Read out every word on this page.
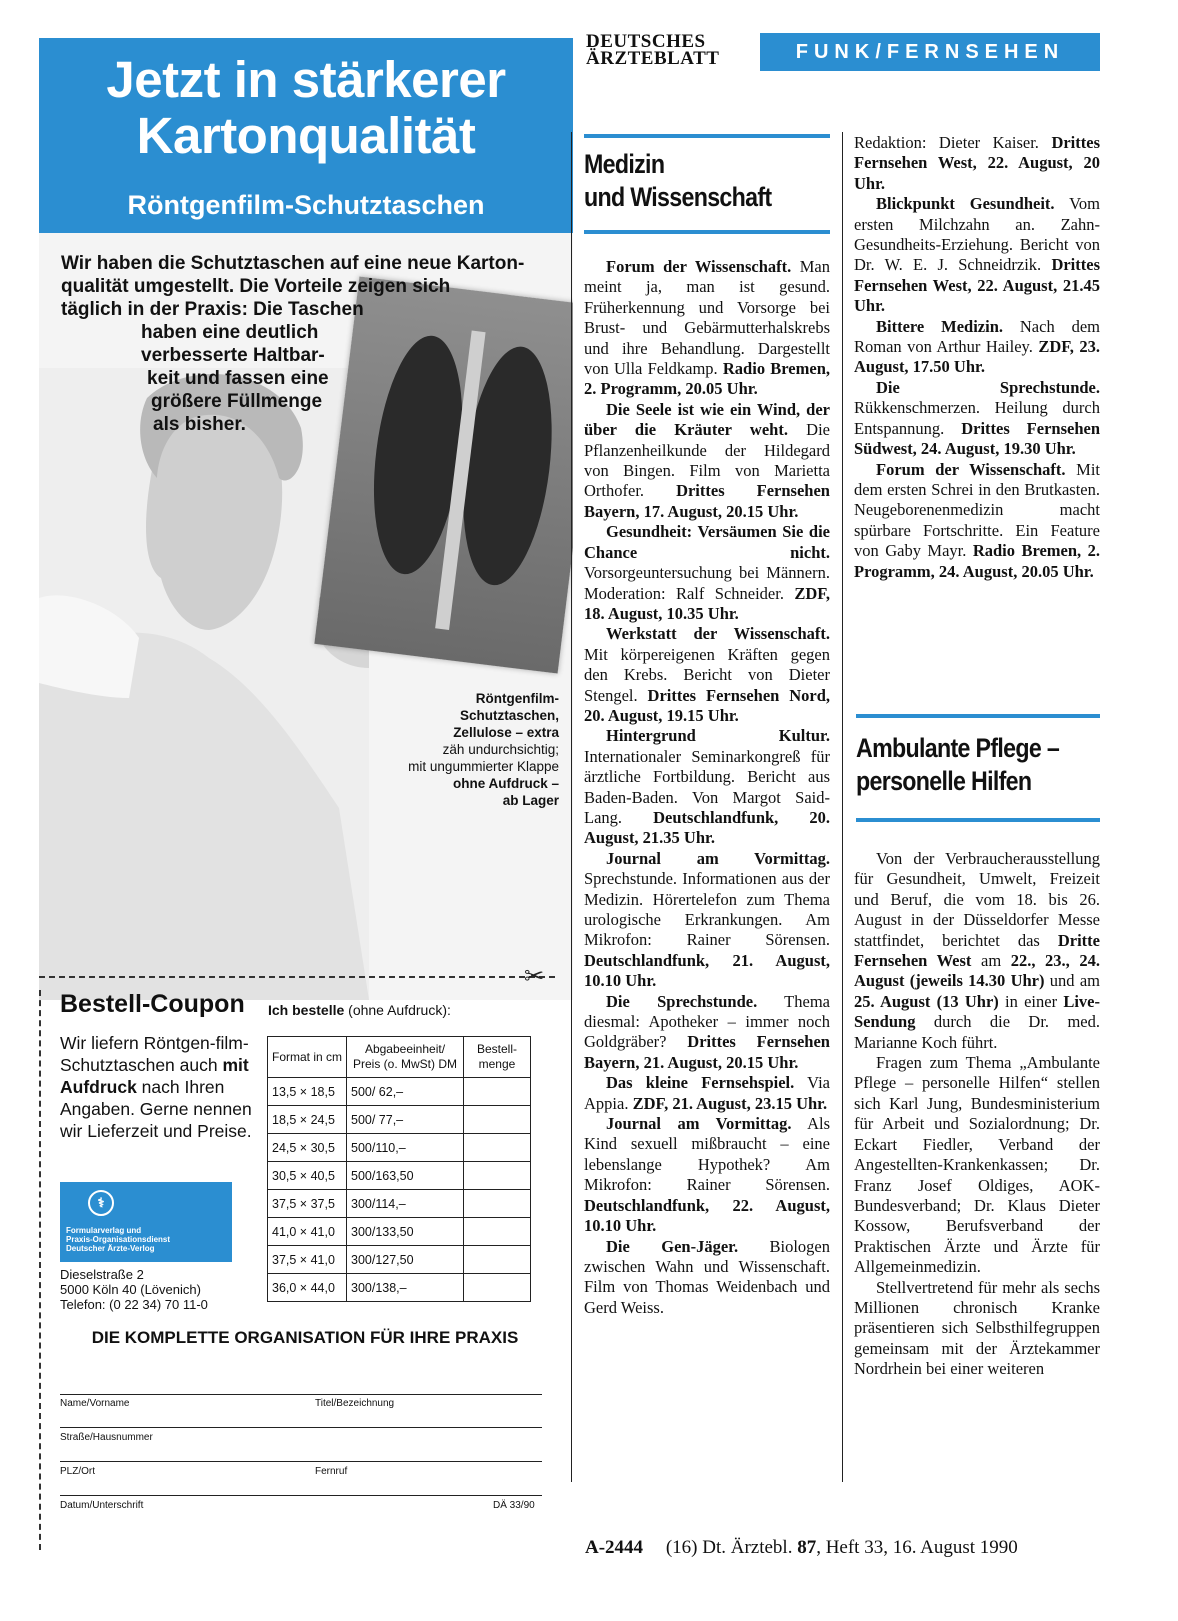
Jetzt in stärkerer
Kartonqualität
Röntgenfilm-Schutztaschen
Wir haben die Schutztaschen auf eine neue Karton-
qualität umgestellt. Die Vorteile zeigen sich
täglich in der Praxis: Die Taschen
haben eine deutlich
verbesserte Haltbar-
keit und fassen eine
größere Füllmenge
als bisher.
Röntgenfilm-
Schutztaschen,
Zellulose – extra
zäh undurchsichtig;
mit ungummierter Klappe
ohne Aufdruck –
ab Lager
✂
Bestell-Coupon Ich bestelle (ohne Aufdruck):
Wir liefern Röntgen-film-Schutztaschen auch mit Aufdruck nach Ihren Angaben. Gerne nennen wir Lieferzeit und Preise.
Format in cm	Abgabeeinheit/ Preis (o. MwSt) DM	Bestell-menge
13,5 × 18,5	500/ 62,–	
18,5 × 24,5	500/ 77,–	
24,5 × 30,5	500/110,–	
30,5 × 40,5	500/163,50	
37,5 × 37,5	300/114,–	
41,0 × 41,0	300/133,50	
37,5 × 41,0	300/127,50	
36,0 × 44,0	300/138,–	
⚕
Formularverlag und
Praxis-Organisationsdienst
Deutscher Ärzte-Verlog
Dieselstraße 2
5000 Köln 40 (Lövenich)
Telefon: (0 22 34) 70 11-0
DIE KOMPLETTE ORGANISATION FÜR IHRE PRAXIS
Name/Vorname	Titel/Bezeichnung
Straße/Hausnummer
PLZ/Ort	Fernruf
Datum/Unterschrift	DÄ 33/90
DEUTSCHES
ÄRZTEBLATT	FUNK/FERNSEHEN
Medizin
und Wissenschaft

Forum der Wissenschaft. Man meint ja, man ist gesund. Früherkennung und Vorsorge bei Brust- und Gebärmutterhalskrebs und ihre Behandlung. Dargestellt von Ulla Feldkamp. Radio Bremen, 2. Programm, 20.05 Uhr.

Die Seele ist wie ein Wind, der über die Kräuter weht. Die Pflanzenheilkunde der Hildegard von Bingen. Film von Marietta Orthofer. Drittes Fernsehen Bayern, 17. August, 20.15 Uhr.

Gesundheit: Versäumen Sie die Chance nicht. Vorsorgeuntersuchung bei Männern. Moderation: Ralf Schneider. ZDF, 18. August, 10.35 Uhr.

Werkstatt der Wissenschaft. Mit körpereigenen Kräften gegen den Krebs. Bericht von Dieter Stengel. Drittes Fernsehen Nord, 20. August, 19.15 Uhr.

Hintergrund Kultur. Internationaler Seminarkongreß für ärztliche Fortbildung. Bericht aus Baden-Baden. Von Margot Said-Lang. Deutschlandfunk, 20. August, 21.35 Uhr.

Journal am Vormittag. Sprechstunde. Informationen aus der Medizin. Hörertelefon zum Thema urologische Erkrankungen. Am Mikrofon: Rainer Sörensen. Deutschlandfunk, 21. August, 10.10 Uhr.

Die Sprechstunde. Thema diesmal: Apotheker – immer noch Goldgräber? Drittes Fernsehen Bayern, 21. August, 20.15 Uhr.

Das kleine Fernsehspiel. Via Appia. ZDF, 21. August, 23.15 Uhr.

Journal am Vormittag. Als Kind sexuell mißbraucht – eine lebenslange Hypothek? Am Mikrofon: Rainer Sörensen. Deutschlandfunk, 22. August, 10.10 Uhr.

Die Gen-Jäger. Biologen zwischen Wahn und Wissenschaft. Film von Thomas Weidenbach und Gerd Weiss.

Redaktion: Dieter Kaiser. Drittes Fernsehen West, 22. August, 20 Uhr.

Blickpunkt Gesundheit. Vom ersten Milchzahn an. Zahn-Gesundheits-Erziehung. Bericht von Dr. W. E. J. Schneidrzik. Drittes Fernsehen West, 22. August, 21.45 Uhr.

Bittere Medizin. Nach dem Roman von Arthur Hailey. ZDF, 23. August, 17.50 Uhr.

Die Sprechstunde. Rükkenschmerzen. Heilung durch Entspannung. Drittes Fernsehen Südwest, 24. August, 19.30 Uhr.

Forum der Wissenschaft. Mit dem ersten Schrei in den Brutkasten. Neugeborenenmedizin macht spürbare Fortschritte. Ein Feature von Gaby Mayr. Radio Bremen, 2. Programm, 24. August, 20.05 Uhr.

Ambulante Pflege –
personelle Hilfen

Von der Verbraucherausstellung für Gesundheit, Umwelt, Freizeit und Beruf, die vom 18. bis 26. August in der Düsseldorfer Messe stattfindet, berichtet das Dritte Fernsehen West am 22., 23., 24. August (jeweils 14.30 Uhr) und am 25. August (13 Uhr) in einer Live-Sendung durch die Dr. med. Marianne Koch führt.

Fragen zum Thema „Ambulante Pflege – personelle Hilfen“ stellen sich Karl Jung, Bundesministerium für Arbeit und Sozialordnung; Dr. Eckart Fiedler, Verband der Angestellten-Krankenkassen; Dr. Franz Josef Oldiges, AOK-Bundesverband; Dr. Klaus Dieter Kossow, Berufsverband der Praktischen Ärzte und Ärzte für Allgemeinmedizin.

Stellvertretend für mehr als sechs Millionen chronisch Kranke präsentieren sich Selbsthilfegruppen gemeinsam mit der Ärztekammer Nordrhein bei einer weiteren

A-2444 (16) Dt. Ärztebl. 87, Heft 33, 16. August 1990
